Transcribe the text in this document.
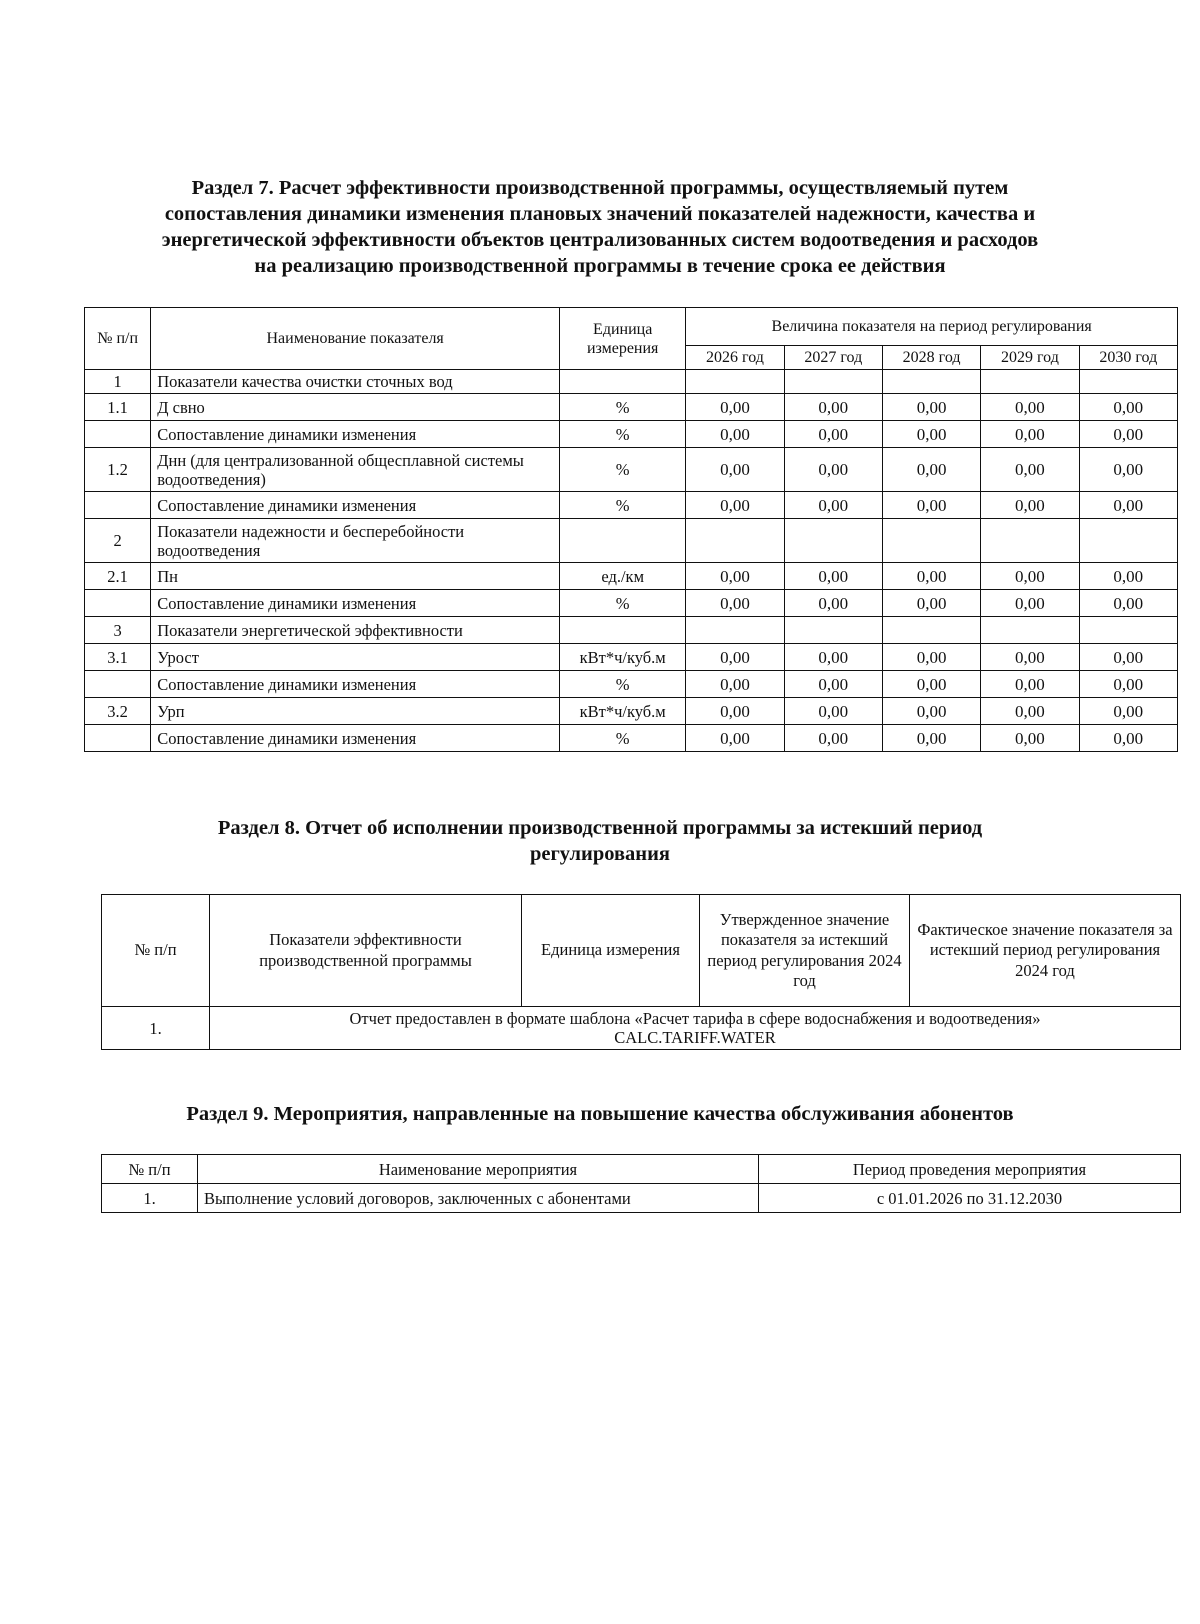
Раздел 7. Расчет эффективности производственной программы, осуществляемый путем
сопоставления динамики изменения плановых значений показателей надежности, качества и
энергетической эффективности объектов централизованных систем водоотведения и расходов
на реализацию производственной программы в течение срока ее действия
№ п/п	Наименование показателя	Единица измерения	Величина показателя на период регулирования				
			2026 год	2027 год	2028 год	2029 год	2030 год
1	Показатели качества очистки сточных вод						
1.1	Д свно	%	0,00	0,00	0,00	0,00	0,00
	Сопоставление динамики изменения	%	0,00	0,00	0,00	0,00	0,00
1.2	Днн (для централизованной общесплавной системы водоотведения)	%	0,00	0,00	0,00	0,00	0,00
	Сопоставление динамики изменения	%	0,00	0,00	0,00	0,00	0,00
2	Показатели надежности и бесперебойности водоотведения						
2.1	Пн	ед./км	0,00	0,00	0,00	0,00	0,00
	Сопоставление динамики изменения	%	0,00	0,00	0,00	0,00	0,00
3	Показатели энергетической эффективности						
3.1	Урост	кВт*ч/куб.м	0,00	0,00	0,00	0,00	0,00
	Сопоставление динамики изменения	%	0,00	0,00	0,00	0,00	0,00
3.2	Урп	кВт*ч/куб.м	0,00	0,00	0,00	0,00	0,00
	Сопоставление динамики изменения	%	0,00	0,00	0,00	0,00	0,00
Раздел 8. Отчет об исполнении производственной программы за истекший период
регулирования
№ п/п	Показатели эффективности производственной программы	Единица измерения	Утвержденное значение показателя за истекший период регулирования 2024 год	Фактическое значение показателя за истекший период регулирования 2024 год
1.	Отчет предоставлен в формате шаблона «Расчет тарифа в сфере водоснабжения и водоотведения»
CALC.TARIFF.WATER			
Раздел 9. Мероприятия, направленные на повышение качества обслуживания абонентов
№ п/п	Наименование мероприятия	Период проведения мероприятия
1.	Выполнение условий договоров, заключенных с абонентами	с 01.01.2026 по 31.12.2030
